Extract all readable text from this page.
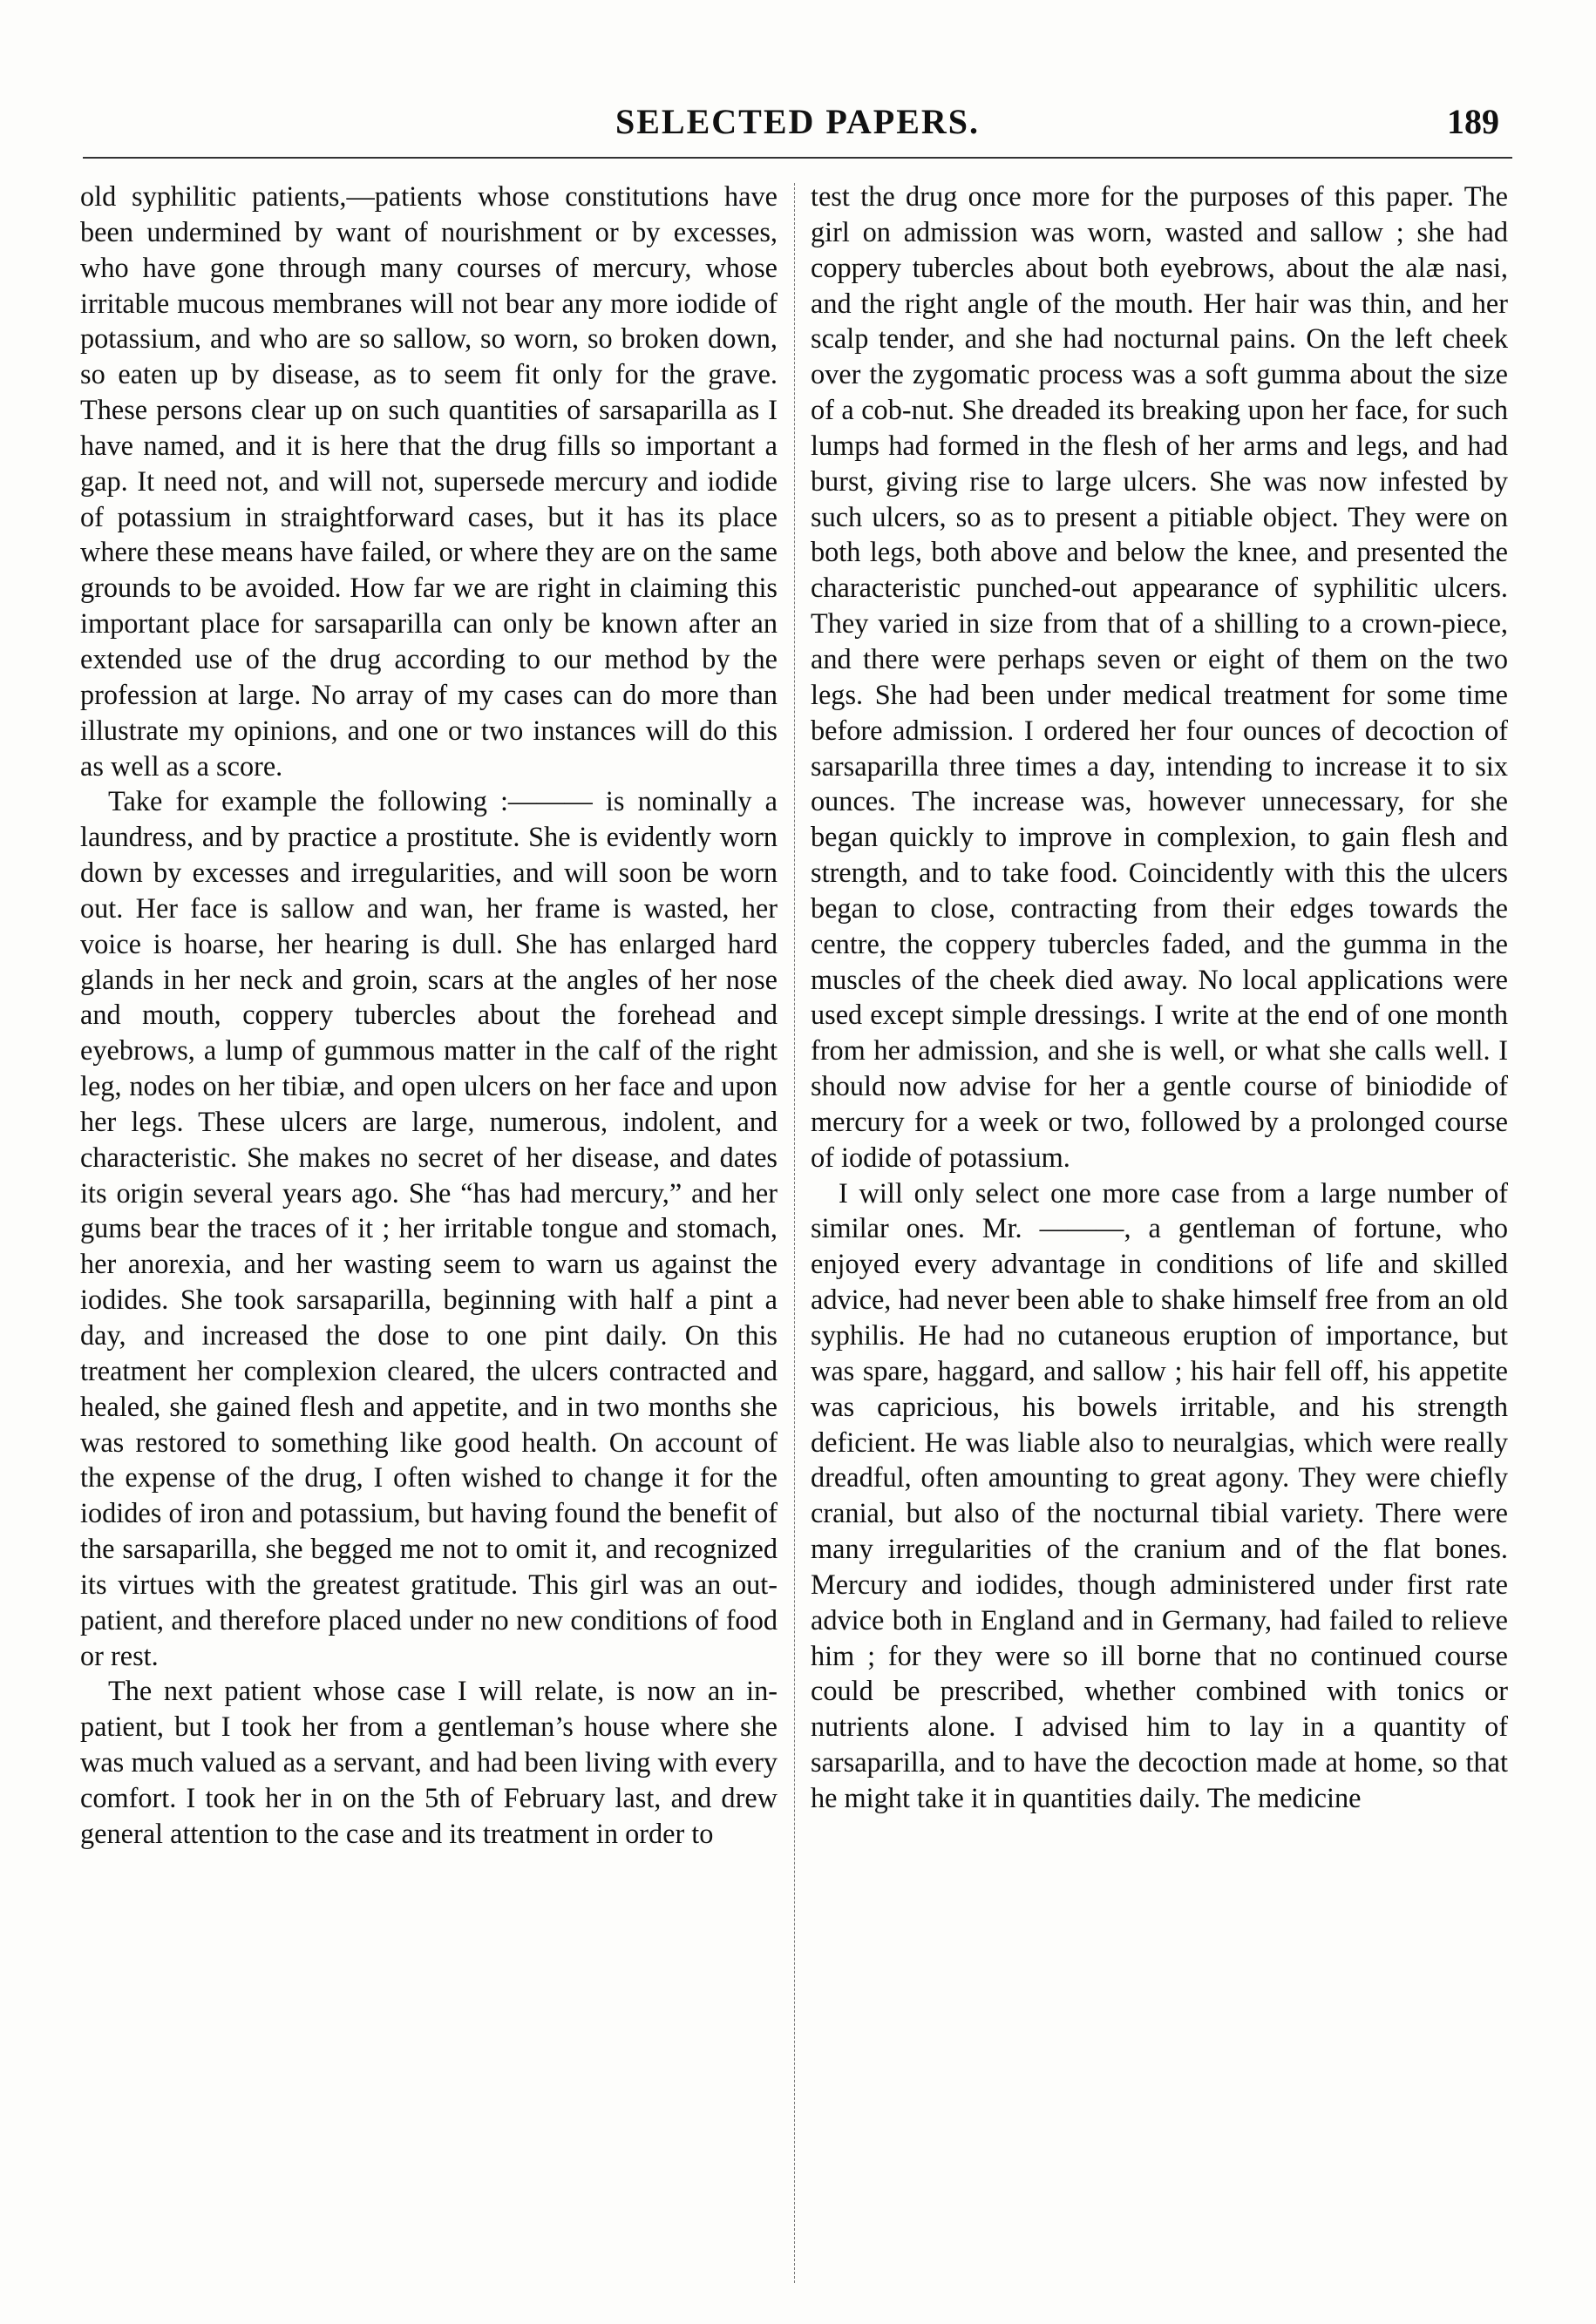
SELECTED PAPERS.	189

old syphilitic patients,—patients whose constitutions have been undermined by want of nourishment or by excesses, who have gone through many courses of mercury, whose irritable mucous membranes will not bear any more iodide of potassium, and who are so sallow, so worn, so broken down, so eaten up by disease, as to seem fit only for the grave. These persons clear up on such quantities of sarsaparilla as I have named, and it is here that the drug fills so important a gap. It need not, and will not, supersede mercury and iodide of potassium in straightforward cases, but it has its place where these means have failed, or where they are on the same grounds to be avoided. How far we are right in claiming this important place for sarsaparilla can only be known after an extended use of the drug according to our method by the profession at large. No array of my cases can do more than illustrate my opinions, and one or two instances will do this as well as a score.

Take for example the following :——— is nominally a laundress, and by practice a prostitute. She is evidently worn down by excesses and irregularities, and will soon be worn out. Her face is sallow and wan, her frame is wasted, her voice is hoarse, her hearing is dull. She has enlarged hard glands in her neck and groin, scars at the angles of her nose and mouth, coppery tubercles about the forehead and eyebrows, a lump of gummous matter in the calf of the right leg, nodes on her tibiæ, and open ulcers on her face and upon her legs. These ulcers are large, numerous, indolent, and characteristic. She makes no secret of her disease, and dates its origin several years ago. She “has had mercury,” and her gums bear the traces of it ; her irritable tongue and stomach, her anorexia, and her wasting seem to warn us against the iodides. She took sarsaparilla, beginning with half a pint a day, and increased the dose to one pint daily. On this treatment her complexion cleared, the ulcers contracted and healed, she gained flesh and appetite, and in two months she was restored to something like good health. On account of the expense of the drug, I often wished to change it for the iodides of iron and potassium, but having found the benefit of the sarsaparilla, she begged me not to omit it, and recognized its virtues with the greatest gratitude. This girl was an out-patient, and therefore placed under no new conditions of food or rest.

The next patient whose case I will relate, is now an in-patient, but I took her from a gentleman’s house where she was much valued as a servant, and had been living with every comfort. I took her in on the 5th of February last, and drew general attention to the case and its treatment in order to

test the drug once more for the purposes of this paper. The girl on admission was worn, wasted and sallow ; she had coppery tubercles about both eyebrows, about the alæ nasi, and the right angle of the mouth. Her hair was thin, and her scalp tender, and she had nocturnal pains. On the left cheek over the zygomatic process was a soft gumma about the size of a cob-nut. She dreaded its breaking upon her face, for such lumps had formed in the flesh of her arms and legs, and had burst, giving rise to large ulcers. She was now infested by such ulcers, so as to present a pitiable object. They were on both legs, both above and below the knee, and presented the characteristic punched-out appearance of syphilitic ulcers. They varied in size from that of a shilling to a crown-piece, and there were perhaps seven or eight of them on the two legs. She had been under medical treatment for some time before admission. I ordered her four ounces of decoction of sarsaparilla three times a day, intending to increase it to six ounces. The increase was, however unnecessary, for she began quickly to improve in complexion, to gain flesh and strength, and to take food. Coincidently with this the ulcers began to close, contracting from their edges towards the centre, the coppery tubercles faded, and the gumma in the muscles of the cheek died away. No local applications were used except simple dressings. I write at the end of one month from her admission, and she is well, or what she calls well. I should now advise for her a gentle course of biniodide of mercury for a week or two, followed by a prolonged course of iodide of potassium.

I will only select one more case from a large number of similar ones. Mr. ———, a gentleman of fortune, who enjoyed every advantage in conditions of life and skilled advice, had never been able to shake himself free from an old syphilis. He had no cutaneous eruption of importance, but was spare, haggard, and sallow ; his hair fell off, his appetite was capricious, his bowels irritable, and his strength deficient. He was liable also to neuralgias, which were really dreadful, often amounting to great agony. They were chiefly cranial, but also of the nocturnal tibial variety. There were many irregularities of the cranium and of the flat bones. Mercury and iodides, though administered under first rate advice both in England and in Germany, had failed to relieve him ; for they were so ill borne that no continued course could be prescribed, whether combined with tonics or nutrients alone. I advised him to lay in a quantity of sarsaparilla, and to have the decoction made at home, so that he might take it in quantities daily. The medicine
